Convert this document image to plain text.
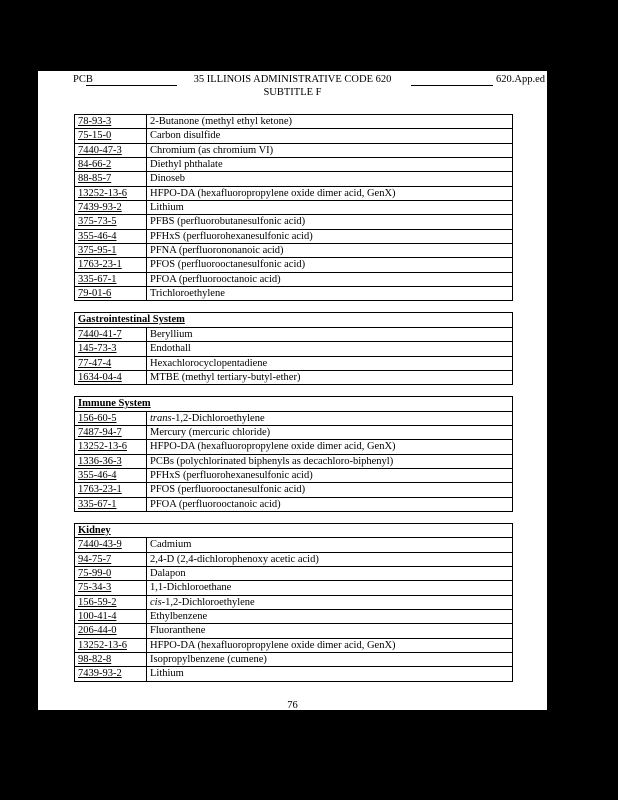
PCB	35 ILLINOIS ADMINISTRATIVE CODE 620	620.App.ed
SUBTITLE F
78-93-3	2-Butanone (methyl ethyl ketone)
75-15-0	Carbon disulfide
7440-47-3	Chromium (as chromium VI)
84-66-2	Diethyl phthalate
88-85-7	Dinoseb
13252-13-6	HFPO-DA (hexafluoropropylene oxide dimer acid, GenX)
7439-93-2	Lithium
375-73-5	PFBS (perfluorobutanesulfonic acid)
355-46-4	PFHxS (perfluorohexanesulfonic acid)
375-95-1	PFNA (perfluorononanoic acid)
1763-23-1	PFOS (perfluorooctanesulfonic acid)
335-67-1	PFOA (perfluorooctanoic acid)
79-01-6	Trichloroethylene

Gastrointestinal System	
7440-41-7	Beryllium
145-73-3	Endothall
77-47-4	Hexachlorocyclopentadiene
1634-04-4	MTBE (methyl tertiary-butyl-ether)

Immune System	
156-60-5	trans-1,2-Dichloroethylene
7487-94-7	Mercury (mercuric chloride)
13252-13-6	HFPO-DA (hexafluoropropylene oxide dimer acid, GenX)
1336-36-3	PCBs (polychlorinated biphenyls as decachloro-biphenyl)
355-46-4	PFHxS (perfluorohexanesulfonic acid)
1763-23-1	PFOS (perfluorooctanesulfonic acid)
335-67-1	PFOA (perfluorooctanoic acid)

Kidney	
7440-43-9	Cadmium
94-75-7	2,4-D (2,4-dichlorophenoxy acetic acid)
75-99-0	Dalapon
75-34-3	1,1-Dichloroethane
156-59-2	cis-1,2-Dichloroethylene
100-41-4	Ethylbenzene
206-44-0	Fluoranthene
13252-13-6	HFPO-DA (hexafluoropropylene oxide dimer acid, GenX)
98-82-8	Isopropylbenzene (cumene)
7439-93-2	Lithium
76
